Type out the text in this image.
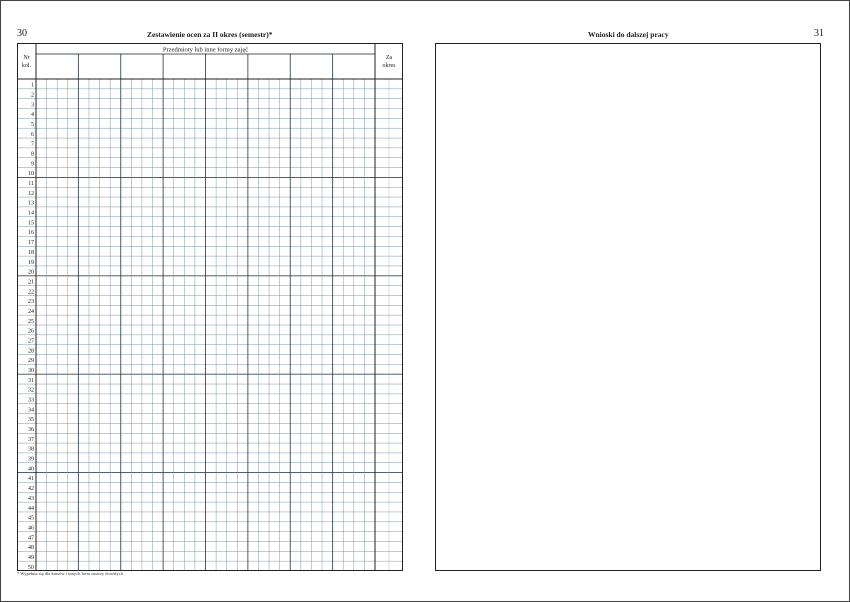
30	Zestawienie ocen za II okres (semestr)*
Nr
kol.
Przedmioty lub inne formy zajęć
Za
okres
1
2
3
4
5
6
7
8
9
10
11
12
13
14
15
16
17
18
19
20
21
22
23
24
25
26
27
28
29
30
31
32
33
34
35
36
37
38
39
40
41
42
43
44
45
46
47
48
49
50
* Wypełnia się dla kursów i innych form nauczy dorosłych
31
Wnioski do dalszej pracy
